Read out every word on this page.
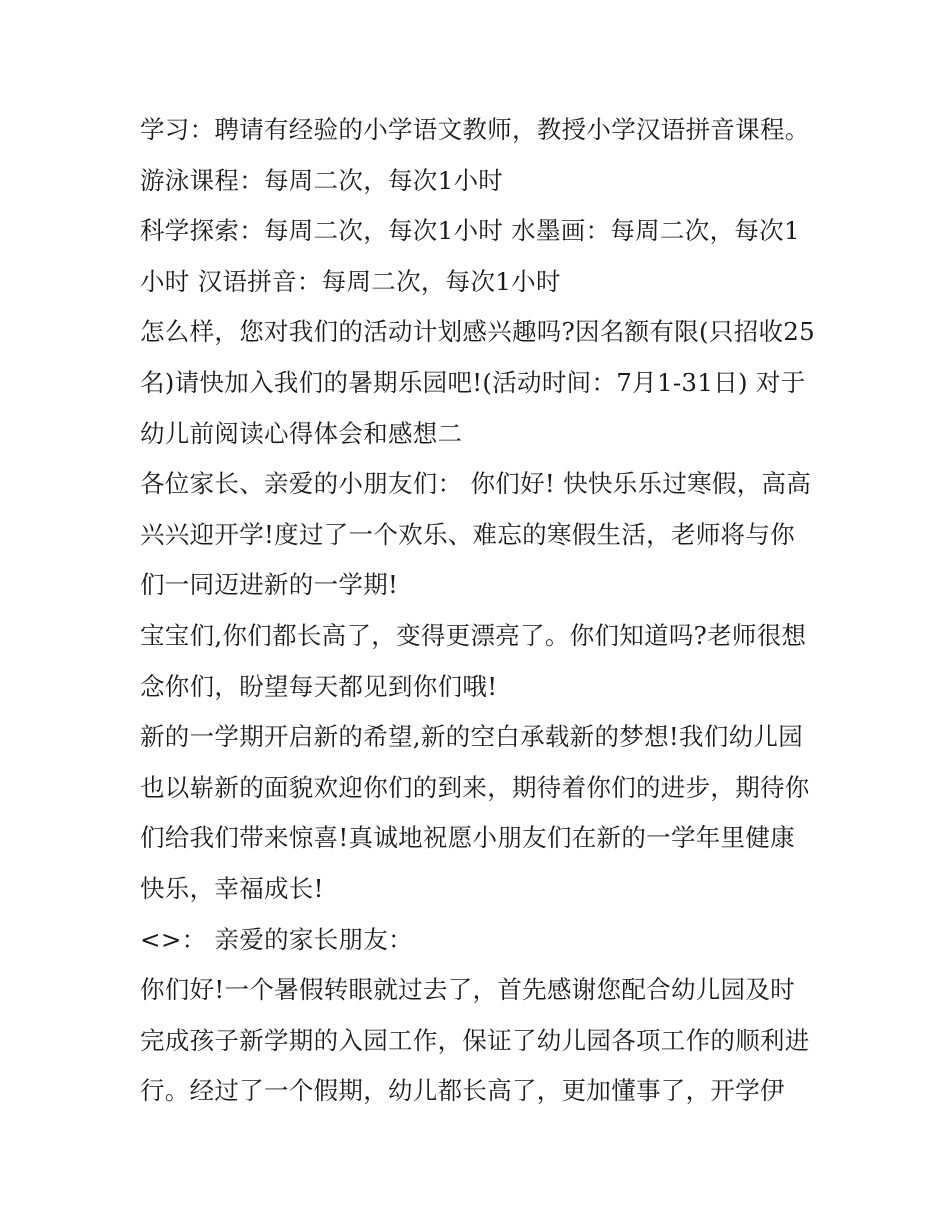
学习：聘请有经验的小学语文教师，教授小学汉语拼音课程。
游泳课程：每周二次，每次1小时
科学探索：每周二次，每次1小时 水墨画：每周二次，每次1
小时 汉语拼音：每周二次，每次1小时
怎么样，您对我们的活动计划感兴趣吗?因名额有限(只招收25
名)请快加入我们的暑期乐园吧!(活动时间：7月1-31日) 对于
幼儿前阅读心得体会和感想二
各位家长、亲爱的小朋友们： 你们好! 快快乐乐过寒假，高高
兴兴迎开学!度过了一个欢乐、难忘的寒假生活，老师将与你
们一同迈进新的一学期!
宝宝们,你们都长高了，变得更漂亮了。你们知道吗?老师很想
念你们，盼望每天都见到你们哦!
新的一学期开启新的希望,新的空白承载新的梦想!我们幼儿园
也以崭新的面貌欢迎你们的到来，期待着你们的进步，期待你
们给我们带来惊喜!真诚地祝愿小朋友们在新的一学年里健康
快乐，幸福成长!
<>： 亲爱的家长朋友：
你们好!一个暑假转眼就过去了，首先感谢您配合幼儿园及时
完成孩子新学期的入园工作，保证了幼儿园各项工作的顺利进
行。经过了一个假期，幼儿都长高了，更加懂事了，开学伊
